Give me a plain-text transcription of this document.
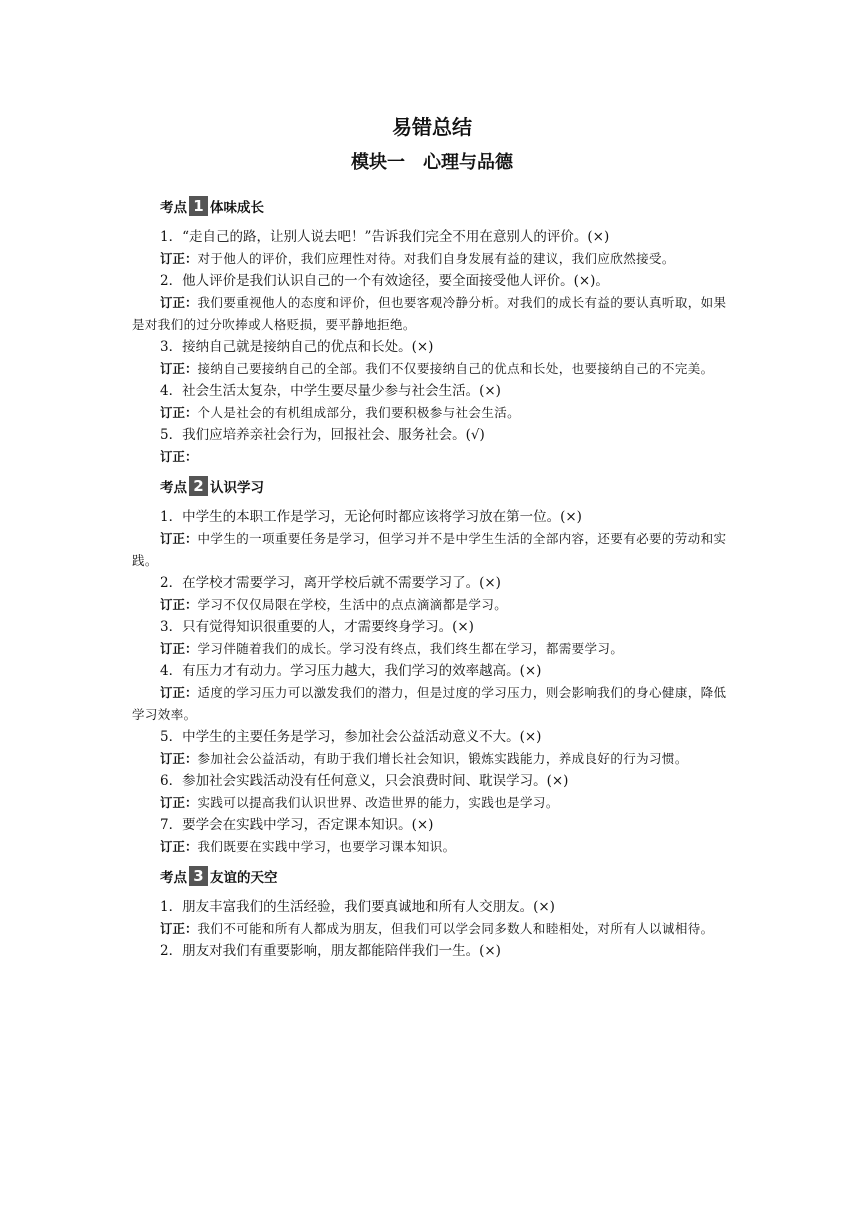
易错总结
模块一　心理与品德
考点 1 体味成长

1．“走自己的路，让别人说去吧！”告诉我们完全不用在意别人的评价。(×)

订正：对于他人的评价，我们应理性对待。对我们自身发展有益的建议，我们应欣然接受。

2．他人评价是我们认识自己的一个有效途径，要全面接受他人评价。(×)。

订正：我们要重视他人的态度和评价，但也要客观冷静分析。对我们的成长有益的要认真听取，如果是对我们的过分吹捧或人格贬损，要平静地拒绝。

3．接纳自己就是接纳自己的优点和长处。(×)

订正：接纳自己要接纳自己的全部。我们不仅要接纳自己的优点和长处，也要接纳自己的不完美。

4．社会生活太复杂，中学生要尽量少参与社会生活。(×)

订正：个人是社会的有机组成部分，我们要积极参与社会生活。

5．我们应培养亲社会行为，回报社会、服务社会。(√)

订正：

考点 2 认识学习

1．中学生的本职工作是学习，无论何时都应该将学习放在第一位。(×)

订正：中学生的一项重要任务是学习，但学习并不是中学生生活的全部内容，还要有必要的劳动和实践。

2．在学校才需要学习，离开学校后就不需要学习了。(×)

订正：学习不仅仅局限在学校，生活中的点点滴滴都是学习。

3．只有觉得知识很重要的人，才需要终身学习。(×)

订正：学习伴随着我们的成长。学习没有终点，我们终生都在学习，都需要学习。

4．有压力才有动力。学习压力越大，我们学习的效率越高。(×)

订正：适度的学习压力可以激发我们的潜力，但是过度的学习压力，则会影响我们的身心健康，降低学习效率。

5．中学生的主要任务是学习，参加社会公益活动意义不大。(×)

订正：参加社会公益活动，有助于我们增长社会知识，锻炼实践能力，养成良好的行为习惯。

6．参加社会实践活动没有任何意义，只会浪费时间、耽误学习。(×)

订正：实践可以提高我们认识世界、改造世界的能力，实践也是学习。

7．要学会在实践中学习，否定课本知识。(×)

订正：我们既要在实践中学习，也要学习课本知识。

考点 3 友谊的天空

1．朋友丰富我们的生活经验，我们要真诚地和所有人交朋友。(×)

订正：我们不可能和所有人都成为朋友，但我们可以学会同多数人和睦相处，对所有人以诚相待。

2．朋友对我们有重要影响，朋友都能陪伴我们一生。(×)
